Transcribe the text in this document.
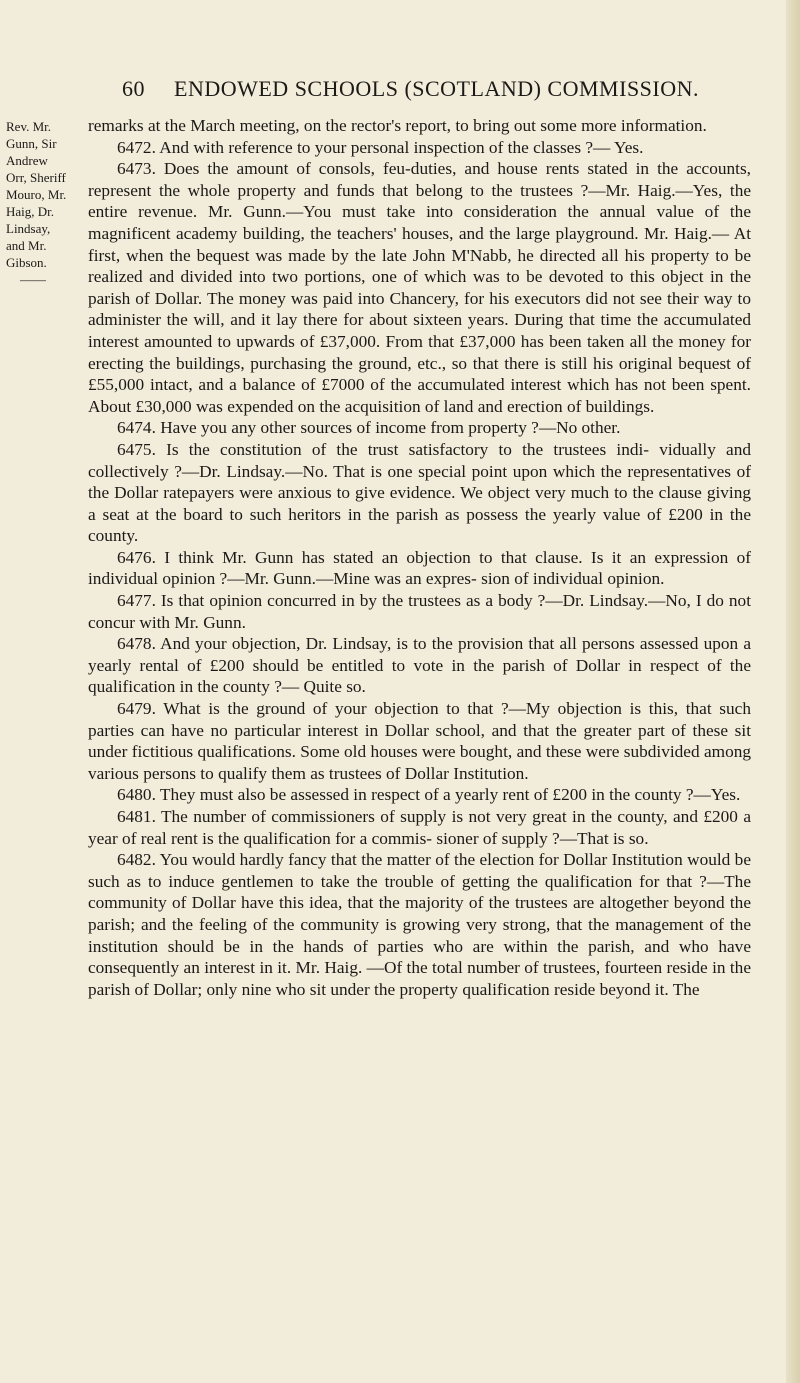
60 ENDOWED SCHOOLS (SCOTLAND) COMMISSION.
Rev. Mr.
Gunn, Sir
Andrew
Orr, Sheriff
Mouro, Mr.
Haig, Dr.
Lindsay,
and Mr.
Gibson.
——

remarks at the March meeting, on the rector's report, to bring out some more information.

6472. And with reference to your personal inspection of the classes ?— Yes.

6473. Does the amount of consols, feu-duties, and house rents stated in the accounts, represent the whole property and funds that belong to the trustees ?—Mr. Haig.—Yes, the entire revenue. Mr. Gunn.—You must take into consideration the annual value of the magnificent academy building, the teachers' houses, and the large playground. Mr. Haig.— At first, when the bequest was made by the late John M'Nabb, he directed all his property to be realized and divided into two portions, one of which was to be devoted to this object in the parish of Dollar. The money was paid into Chancery, for his executors did not see their way to administer the will, and it lay there for about sixteen years. During that time the accumulated interest amounted to upwards of £37,000. From that £37,000 has been taken all the money for erecting the buildings, purchasing the ground, etc., so that there is still his original bequest of £55,000 intact, and a balance of £7000 of the accumulated interest which has not been spent. About £30,000 was expended on the acquisition of land and erection of buildings.

6474. Have you any other sources of income from property ?—No other.

6475. Is the constitution of the trust satisfactory to the trustees indi- vidually and collectively ?—Dr. Lindsay.—No. That is one special point upon which the representatives of the Dollar ratepayers were anxious to give evidence. We object very much to the clause giving a seat at the board to such heritors in the parish as possess the yearly value of £200 in the county.

6476. I think Mr. Gunn has stated an objection to that clause. Is it an expression of individual opinion ?—Mr. Gunn.—Mine was an expres- sion of individual opinion.

6477. Is that opinion concurred in by the trustees as a body ?—Dr. Lindsay.—No, I do not concur with Mr. Gunn.

6478. And your objection, Dr. Lindsay, is to the provision that all persons assessed upon a yearly rental of £200 should be entitled to vote in the parish of Dollar in respect of the qualification in the county ?— Quite so.

6479. What is the ground of your objection to that ?—My objection is this, that such parties can have no particular interest in Dollar school, and that the greater part of these sit under fictitious qualifications. Some old houses were bought, and these were subdivided among various persons to qualify them as trustees of Dollar Institution.

6480. They must also be assessed in respect of a yearly rent of £200 in the county ?—Yes.

6481. The number of commissioners of supply is not very great in the county, and £200 a year of real rent is the qualification for a commis- sioner of supply ?—That is so.

6482. You would hardly fancy that the matter of the election for Dollar Institution would be such as to induce gentlemen to take the trouble of getting the qualification for that ?—The community of Dollar have this idea, that the majority of the trustees are altogether beyond the parish; and the feeling of the community is growing very strong, that the management of the institution should be in the hands of parties who are within the parish, and who have consequently an interest in it. Mr. Haig. —Of the total number of trustees, fourteen reside in the parish of Dollar; only nine who sit under the property qualification reside beyond it. The
